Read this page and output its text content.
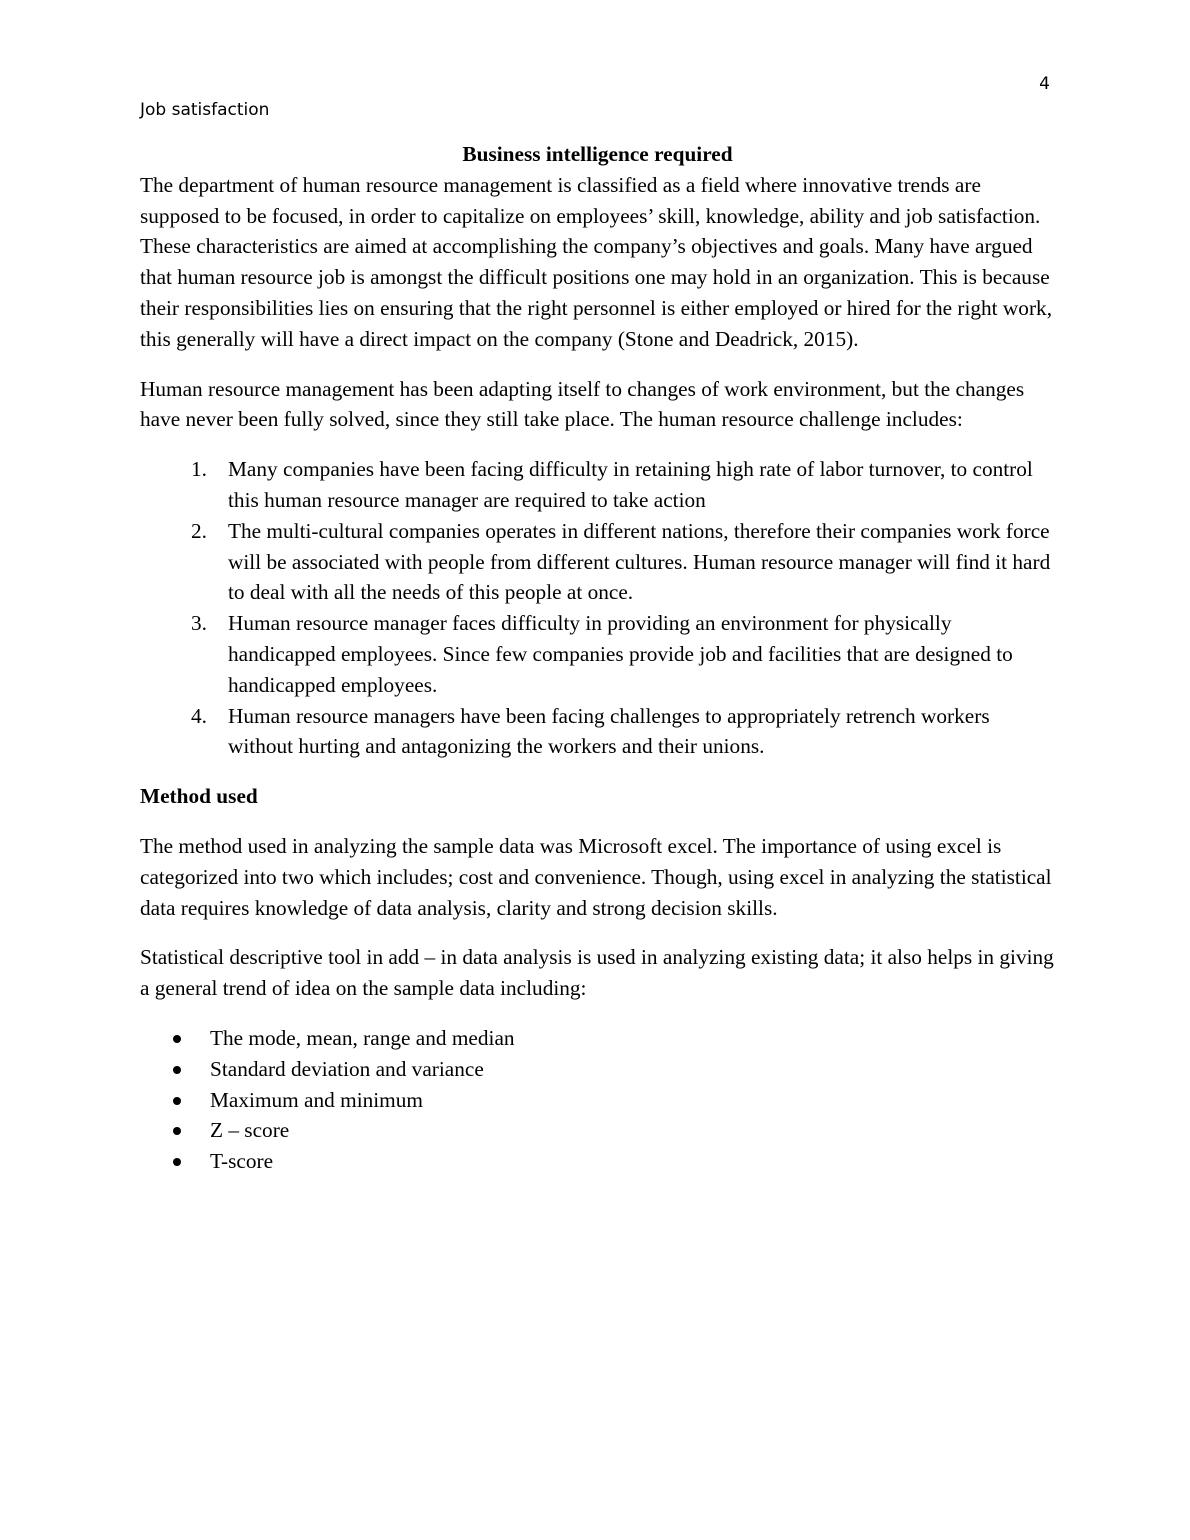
4
Job satisfaction
Business intelligence required

The department of human resource management is classified as a field where innovative trends are supposed to be focused, in order to capitalize on employees’ skill, knowledge, ability and job satisfaction. These characteristics are aimed at accomplishing the company’s objectives and goals. Many have argued that human resource job is amongst the difficult positions one may hold in an organization. This is because their responsibilities lies on ensuring that the right personnel is either employed or hired for the right work, this generally will have a direct impact on the company (Stone and Deadrick, 2015).

Human resource management has been adapting itself to changes of work environment, but the changes have never been fully solved, since they still take place. The human resource challenge includes:

1. Many companies have been facing difficulty in retaining high rate of labor turnover, to control this human resource manager are required to take action
2. The multi-cultural companies operates in different nations, therefore their companies work force will be associated with people from different cultures. Human resource manager will find it hard to deal with all the needs of this people at once.
3. Human resource manager faces difficulty in providing an environment for physically handicapped employees. Since few companies provide job and facilities that are designed to handicapped employees.
4. Human resource managers have been facing challenges to appropriately retrench workers without hurting and antagonizing the workers and their unions.
Method used

The method used in analyzing the sample data was Microsoft excel. The importance of using excel is categorized into two which includes; cost and convenience. Though, using excel in analyzing the statistical data requires knowledge of data analysis, clarity and strong decision skills.

Statistical descriptive tool in add – in data analysis is used in analyzing existing data; it also helps in giving a general trend of idea on the sample data including:

The mode, mean, range and median
Standard deviation and variance
Maximum and minimum
Z – score
T-score
